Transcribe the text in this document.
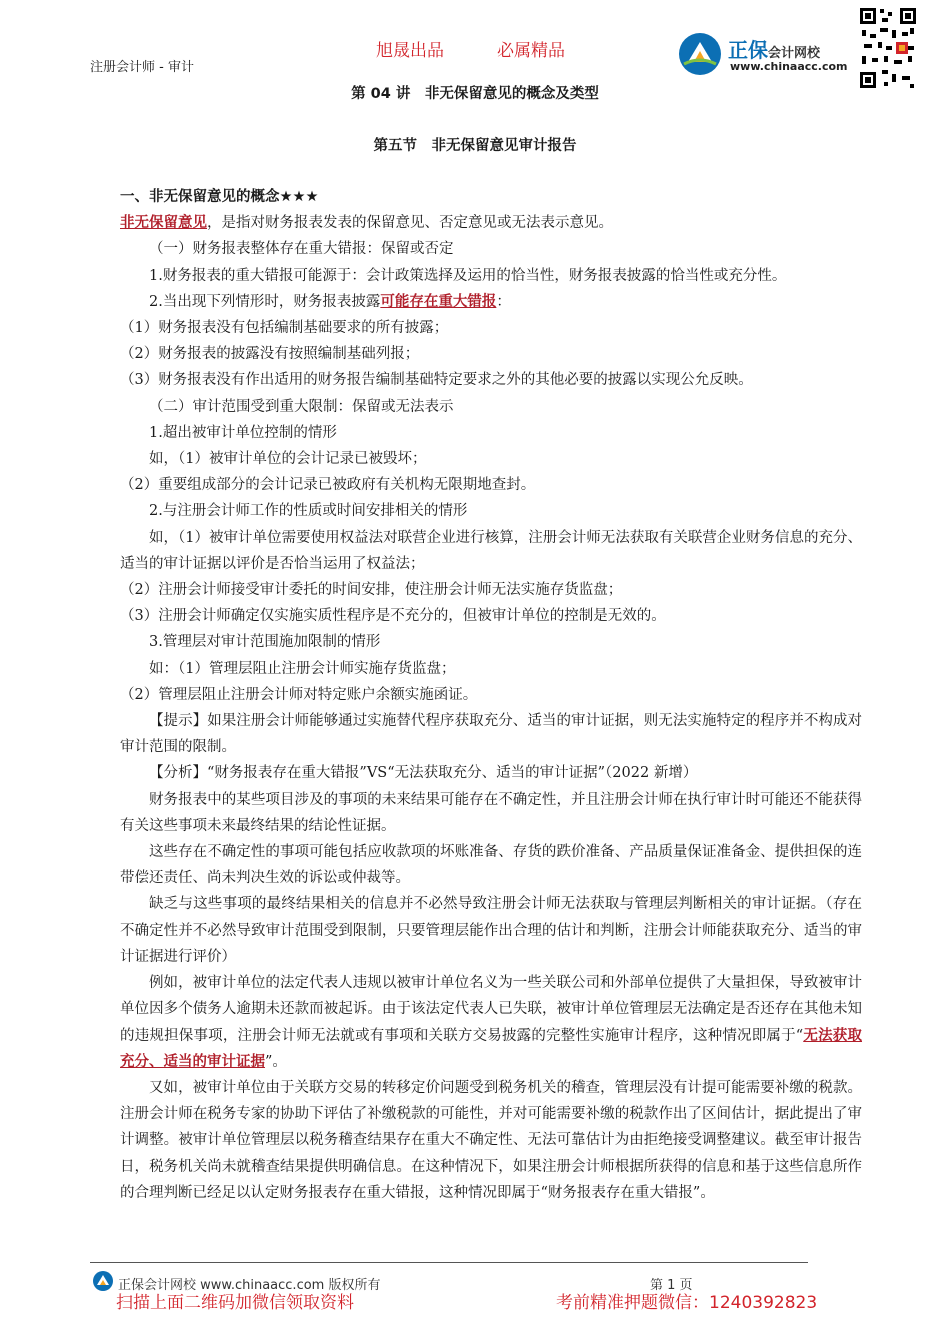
注册会计师 - 审计
旭晟出品	必属精品	正保会计网校
www.chinaacc.com
第 04 讲　非无保留意见的概念及类型
第五节　非无保留意见审计报告

一、非无保留意见的概念★★★

非无保留意见，是指对财务报表发表的保留意见、否定意见或无法表示意见。

（一）财务报表整体存在重大错报：保留或否定

1.财务报表的重大错报可能源于：会计政策选择及运用的恰当性，财务报表披露的恰当性或充分性。

2.当出现下列情形时，财务报表披露可能存在重大错报：

（1）财务报表没有包括编制基础要求的所有披露；

（2）财务报表的披露没有按照编制基础列报；

（3）财务报表没有作出适用的财务报告编制基础特定要求之外的其他必要的披露以实现公允反映。

（二）审计范围受到重大限制：保留或无法表示

1.超出被审计单位控制的情形

如，（1）被审计单位的会计记录已被毁坏；

（2）重要组成部分的会计记录已被政府有关机构无限期地查封。

2.与注册会计师工作的性质或时间安排相关的情形

如，（1）被审计单位需要使用权益法对联营企业进行核算，注册会计师无法获取有关联营企业财务信息的充分、适当的审计证据以评价是否恰当运用了权益法；

（2）注册会计师接受审计委托的时间安排，使注册会计师无法实施存货监盘；

（3）注册会计师确定仅实施实质性程序是不充分的，但被审计单位的控制是无效的。

3.管理层对审计范围施加限制的情形

如：（1）管理层阻止注册会计师实施存货监盘；

（2）管理层阻止注册会计师对特定账户余额实施函证。

【提示】如果注册会计师能够通过实施替代程序获取充分、适当的审计证据，则无法实施特定的程序并不构成对审计范围的限制。

【分析】“财务报表存在重大错报”VS“无法获取充分、适当的审计证据”（2022 新增）

财务报表中的某些项目涉及的事项的未来结果可能存在不确定性，并且注册会计师在执行审计时可能还不能获得有关这些事项未来最终结果的结论性证据。

这些存在不确定性的事项可能包括应收款项的坏账准备、存货的跌价准备、产品质量保证准备金、提供担保的连带偿还责任、尚未判决生效的诉讼或仲裁等。

缺乏与这些事项的最终结果相关的信息并不必然导致注册会计师无法获取与管理层判断相关的审计证据。（存在不确定性并不必然导致审计范围受到限制，只要管理层能作出合理的估计和判断，注册会计师能获取充分、适当的审计证据进行评价）

例如，被审计单位的法定代表人违规以被审计单位名义为一些关联公司和外部单位提供了大量担保，导致被审计单位因多个债务人逾期未还款而被起诉。由于该法定代表人已失联，被审计单位管理层无法确定是否还存在其他未知的违规担保事项，注册会计师无法就或有事项和关联方交易披露的完整性实施审计程序，这种情况即属于“无法获取充分、适当的审计证据”。

又如，被审计单位由于关联方交易的转移定价问题受到税务机关的稽查，管理层没有计提可能需要补缴的税款。注册会计师在税务专家的协助下评估了补缴税款的可能性，并对可能需要补缴的税款作出了区间估计，据此提出了审计调整。被审计单位管理层以税务稽查结果存在重大不确定性、无法可靠估计为由拒绝接受调整建议。截至审计报告日，税务机关尚未就稽查结果提供明确信息。在这种情况下，如果注册会计师根据所获得的信息和基于这些信息所作的合理判断已经足以认定财务报表存在重大错报，这种情况即属于“财务报表存在重大错报”。

正保会计网校 www.chinaacc.com 版权所有	第 1 页
扫描上面二维码加微信领取资料	考前精准押题微信：1240392823
